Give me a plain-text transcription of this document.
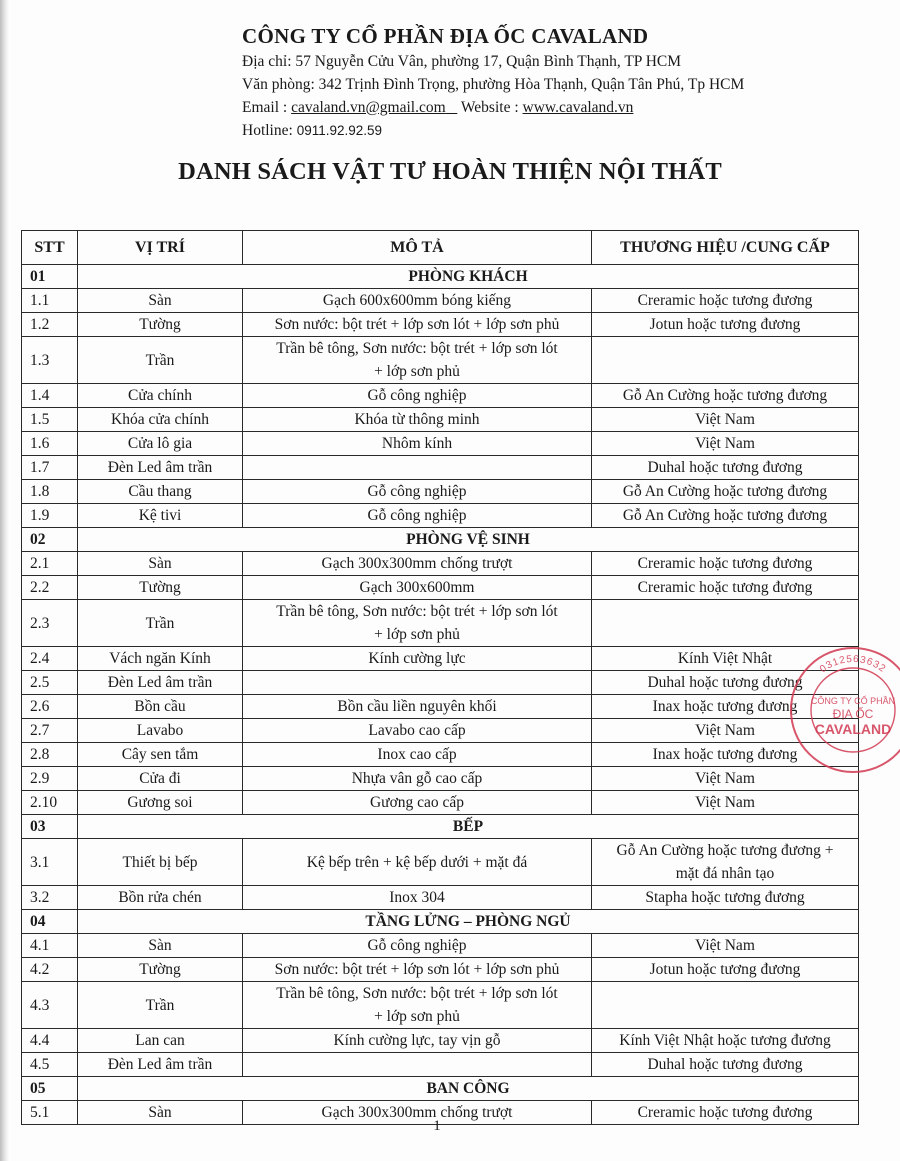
CÔNG TY CỔ PHẦN ĐỊA ỐC CAVALAND
Địa chỉ: 57 Nguyễn Cửu Vân, phường 17, Quận Bình Thạnh, TP HCM
Văn phòng: 342 Trịnh Đình Trọng, phường Hòa Thạnh, Quận Tân Phú, Tp HCM
Email : cavaland.vn@gmail.com Website : www.cavaland.vn
Hotline: 0911.92.92.59
DANH SÁCH VẬT TƯ HOÀN THIỆN NỘI THẤT
STT	VỊ TRÍ	MÔ TẢ	THƯƠNG HIỆU /CUNG CẤP
01	PHÒNG KHÁCH		
1.1	Sàn	Gạch 600x600mm bóng kiếng	Creramic hoặc tương đương
1.2	Tường	Sơn nước: bột trét + lớp sơn lót + lớp sơn phủ	Jotun hoặc tương đương
1.3	Trần	Trần bê tông, Sơn nước: bột trét + lớp sơn lót
+ lớp sơn phủ	
1.4	Cửa chính	Gỗ công nghiệp	Gỗ An Cường hoặc tương đương
1.5	Khóa cửa chính	Khóa từ thông minh	Việt Nam
1.6	Cửa lô gia	Nhôm kính	Việt Nam
1.7	Đèn Led âm trần		Duhal hoặc tương đương
1.8	Cầu thang	Gỗ công nghiệp	Gỗ An Cường hoặc tương đương
1.9	Kệ tivi	Gỗ công nghiệp	Gỗ An Cường hoặc tương đương
02	PHÒNG VỆ SINH		
2.1	Sàn	Gạch 300x300mm chống trượt	Creramic hoặc tương đương
2.2	Tường	Gạch 300x600mm	Creramic hoặc tương đương
2.3	Trần	Trần bê tông, Sơn nước: bột trét + lớp sơn lót
+ lớp sơn phủ	
2.4	Vách ngăn Kính	Kính cường lực	Kính Việt Nhật
2.5	Đèn Led âm trần		Duhal hoặc tương đương
2.6	Bồn cầu	Bồn cầu liền nguyên khối	Inax hoặc tương đương
2.7	Lavabo	Lavabo cao cấp	Việt Nam
2.8	Cây sen tắm	Inox cao cấp	Inax hoặc tương đương
2.9	Cửa đi	Nhựa vân gỗ cao cấp	Việt Nam
2.10	Gương soi	Gương cao cấp	Việt Nam
03	BẾP		
3.1	Thiết bị bếp	Kệ bếp trên + kệ bếp dưới + mặt đá	Gỗ An Cường hoặc tương đương +
mặt đá nhân tạo
3.2	Bồn rửa chén	Inox 304	Stapha hoặc tương đương
04	TẦNG LỬNG – PHÒNG NGỦ		
4.1	Sàn	Gỗ công nghiệp	Việt Nam
4.2	Tường	Sơn nước: bột trét + lớp sơn lót + lớp sơn phủ	Jotun hoặc tương đương
4.3	Trần	Trần bê tông, Sơn nước: bột trét + lớp sơn lót
+ lớp sơn phủ	
4.4	Lan can	Kính cường lực, tay vịn gỗ	Kính Việt Nhật hoặc tương đương
4.5	Đèn Led âm trần		Duhal hoặc tương đương
05	BAN CÔNG		
5.1	Sàn	Gạch 300x300mm chống trượt	Creramic hoặc tương đương
0312563632
CÔNG TY CỔ PHẦN
ĐỊA ỐC
CAVALAND
1
